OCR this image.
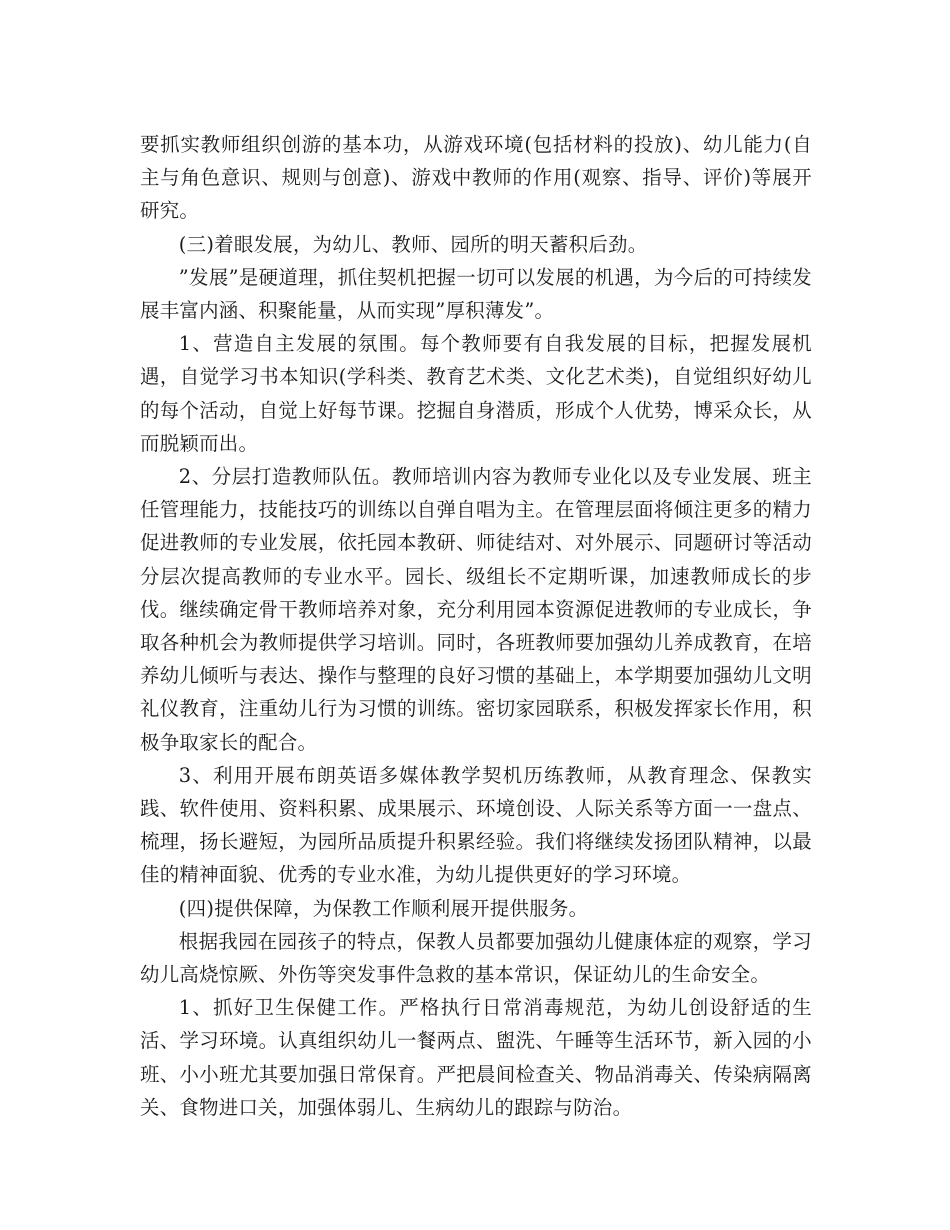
要抓实教师组织创游的基本功，从游戏环境(包括材料的投放)、幼儿能力(自主与角色意识、规则与创意)、游戏中教师的作用(观察、指导、评价)等展开研究。

(三)着眼发展，为幼儿、教师、园所的明天蓄积后劲。

”发展”是硬道理，抓住契机把握一切可以发展的机遇，为今后的可持续发展丰富内涵、积聚能量，从而实现”厚积薄发”。

1、营造自主发展的氛围。每个教师要有自我发展的目标，把握发展机遇，自觉学习书本知识(学科类、教育艺术类、文化艺术类)，自觉组织好幼儿的每个活动，自觉上好每节课。挖掘自身潜质，形成个人优势，博采众长，从而脱颖而出。

2、分层打造教师队伍。教师培训内容为教师专业化以及专业发展、班主任管理能力，技能技巧的训练以自弹自唱为主。在管理层面将倾注更多的精力促进教师的专业发展，依托园本教研、师徒结对、对外展示、同题研讨等活动分层次提高教师的专业水平。园长、级组长不定期听课，加速教师成长的步伐。继续确定骨干教师培养对象，充分利用园本资源促进教师的专业成长，争取各种机会为教师提供学习培训。同时，各班教师要加强幼儿养成教育，在培养幼儿倾听与表达、操作与整理的良好习惯的基础上，本学期要加强幼儿文明礼仪教育，注重幼儿行为习惯的训练。密切家园联系，积极发挥家长作用，积极争取家长的配合。

3、利用开展布朗英语多媒体教学契机历练教师，从教育理念、保教实践、软件使用、资料积累、成果展示、环境创设、人际关系等方面一一盘点、梳理，扬长避短，为园所品质提升积累经验。我们将继续发扬团队精神，以最佳的精神面貌、优秀的专业水准，为幼儿提供更好的学习环境。

(四)提供保障，为保教工作顺利展开提供服务。

根据我园在园孩子的特点，保教人员都要加强幼儿健康体症的观察，学习幼儿高烧惊厥、外伤等突发事件急救的基本常识，保证幼儿的生命安全。

1、抓好卫生保健工作。严格执行日常消毒规范，为幼儿创设舒适的生活、学习环境。认真组织幼儿一餐两点、盥洗、午睡等生活环节，新入园的小班、小小班尤其要加强日常保育。严把晨间检查关、物品消毒关、传染病隔离关、食物进口关，加强体弱儿、生病幼儿的跟踪与防治。
